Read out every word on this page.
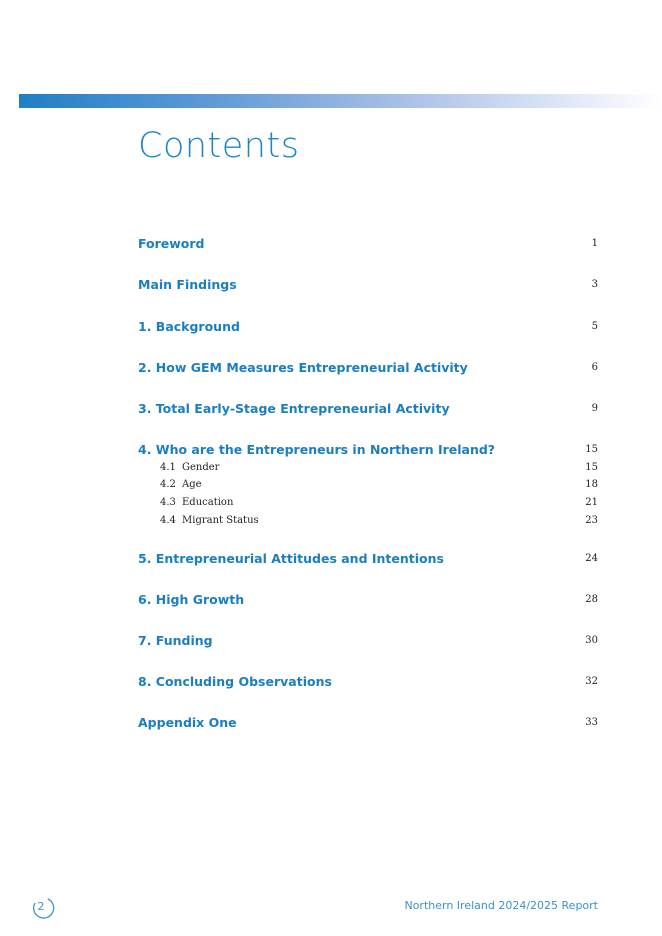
Contents
Foreword	1
Main Findings	3
1. Background	5
2. How GEM Measures Entrepreneurial Activity	6
3. Total Early-Stage Entrepreneurial Activity	9
4. Who are the Entrepreneurs in Northern Ireland?	15
4.1 Gender	15
4.2 Age	18
4.3 Education	21
4.4 Migrant Status	23
5. Entrepreneurial Attitudes and Intentions	24
6. High Growth	28
7. Funding	30
8. Concluding Observations	32
Appendix One	33
2	Northern Ireland 2024/2025 Report
